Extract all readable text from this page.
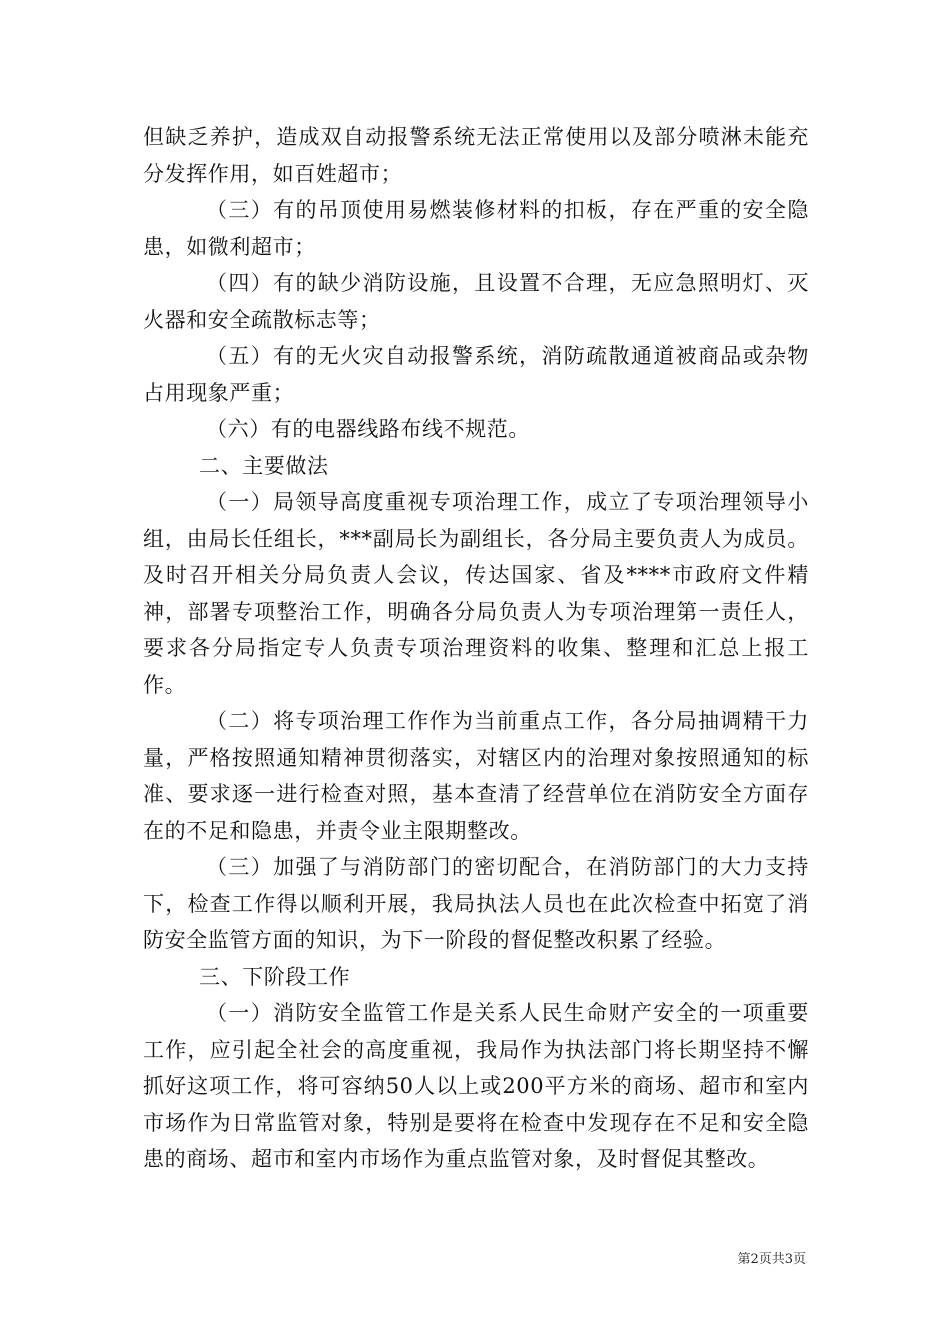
但缺乏养护，造成双自动报警系统无法正常使用以及部分喷淋未能充分发挥作用，如百姓超市；

（三）有的吊顶使用易燃装修材料的扣板，存在严重的安全隐患，如微利超市；

（四）有的缺少消防设施，且设置不合理，无应急照明灯、灭火器和安全疏散标志等；

（五）有的无火灾自动报警系统，消防疏散通道被商品或杂物占用现象严重；

（六）有的电器线路布线不规范。

二、主要做法

（一）局领导高度重视专项治理工作，成立了专项治理领导小组，由局长任组长，***副局长为副组长，各分局主要负责人为成员。及时召开相关分局负责人会议，传达国家、省及****市政府文件精神，部署专项整治工作，明确各分局负责人为专项治理第一责任人，要求各分局指定专人负责专项治理资料的收集、整理和汇总上报工作。

（二）将专项治理工作作为当前重点工作，各分局抽调精干力量，严格按照通知精神贯彻落实，对辖区内的治理对象按照通知的标准、要求逐一进行检查对照，基本查清了经营单位在消防安全方面存在的不足和隐患，并责令业主限期整改。

（三）加强了与消防部门的密切配合，在消防部门的大力支持下，检查工作得以顺利开展，我局执法人员也在此次检查中拓宽了消防安全监管方面的知识，为下一阶段的督促整改积累了经验。

三、下阶段工作

（一）消防安全监管工作是关系人民生命财产安全的一项重要工作，应引起全社会的高度重视，我局作为执法部门将长期坚持不懈抓好这项工作，将可容纳50人以上或200平方米的商场、超市和室内市场作为日常监管对象，特别是要将在检查中发现存在不足和安全隐患的商场、超市和室内市场作为重点监管对象，及时督促其整改。

第2页共3页
